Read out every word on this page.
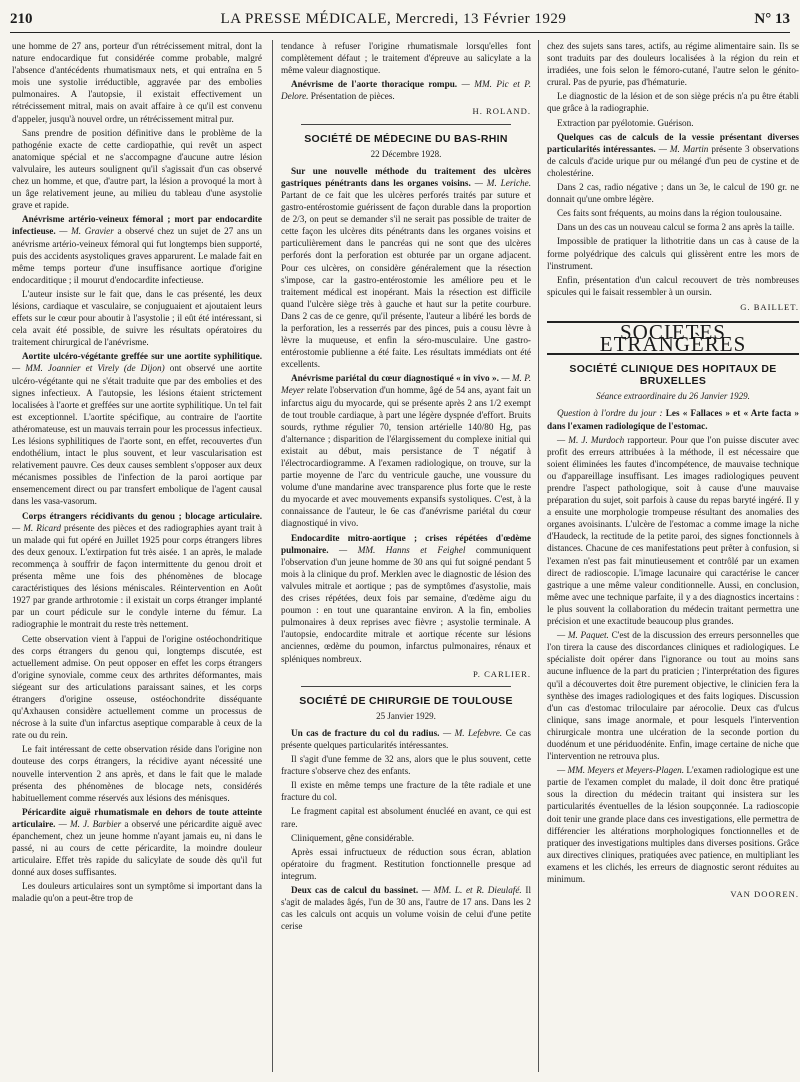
210	LA PRESSE MÉDICALE, Mercredi, 13 Février 1929	N° 13

une homme de 27 ans, porteur d'un rétrécissement mitral, dont la nature endocardique fut considérée comme probable, malgré l'absence d'antécédents rhumatismaux nets, et qui entraîna en 5 mois une systolie irréductible, aggravée par des embolies pulmonaires. A l'autopsie, il existait effectivement un rétrécissement mitral, mais on avait affaire à ce qu'il est convenu d'appeler, jusqu'à nouvel ordre, un rétrécissement mitral pur.

Sans prendre de position définitive dans le problème de la pathogénie exacte de cette cardiopathie, qui revêt un aspect anatomique spécial et ne s'accompagne d'aucune autre lésion valvulaire, les auteurs soulignent qu'il s'agissait d'un cas observé chez un homme, et que, d'autre part, la lésion a provoqué la mort à un âge relativement jeune, au milieu du tableau d'une asystolie grave et rapide.

Anévrisme artério-veineux fémoral ; mort par endocardite infectieuse. — M. Gravier a observé chez un sujet de 27 ans un anévrisme artério-veineux fémoral qui fut longtemps bien supporté, puis des accidents asystoliques graves apparurent. Le malade fait en même temps porteur d'une insuffisance aortique d'origine endocarditique ; il mourut d'endocardite infectieuse.

L'auteur insiste sur le fait que, dans le cas présenté, les deux lésions, cardiaque et vasculaire, se conjuguaient et ajoutaient leurs effets sur le cœur pour aboutir à l'asystolie ; il eût été intéressant, si cela avait été possible, de suivre les résultats opératoires du traitement chirurgical de l'anévrisme.

Aortite ulcéro-végétante greffée sur une aortite syphilitique. — MM. Joannier et Virely (de Dijon) ont observé une aortite ulcéro-végétante qui ne s'était traduite que par des embolies et des signes infectieux. A l'autopsie, les lésions étaient strictement localisées à l'aorte et greffées sur une aortite syphilitique. Un tel fait est exceptionnel. L'aortite spécifique, au contraire de l'aortite athéromateuse, est un mauvais terrain pour les processus infectieux. Les lésions syphilitiques de l'aorte sont, en effet, recouvertes d'un endothélium, intact le plus souvent, et leur vascularisation est relativement pauvre. Ces deux causes semblent s'opposer aux deux mécanismes possibles de l'infection de la paroi aortique par ensemencement direct ou par transfert embolique de l'agent causal dans les vasa-vasorum.

Corps étrangers récidivants du genou ; blocage articulaire. — M. Ricard présente des pièces et des radiographies ayant trait à un malade qui fut opéré en Juillet 1925 pour corps étrangers libres des deux genoux. L'extirpation fut très aisée. 1 an après, le malade recommença à souffrir de façon intermittente du genou droit et présenta même une fois des phénomènes de blocage caractéristiques des lésions méniscales. Réintervention en Août 1927 par grande arthrotomie : il existait un corps étranger implanté par un court pédicule sur le condyle interne du fémur. La radiographie le montrait du reste très nettement.

Cette observation vient à l'appui de l'origine ostéochondritique des corps étrangers du genou qui, longtemps discutée, est actuellement admise. On peut opposer en effet les corps étrangers d'origine synoviale, comme ceux des arthrites déformantes, mais siégeant sur des articulations paraissant saines, et les corps étrangers d'origine osseuse, ostéochondrite disséquante qu'Axhausen considère actuellement comme un processus de nécrose à la suite d'un infarctus aseptique comparable à ceux de la rate ou du rein.

Le fait intéressant de cette observation réside dans l'origine non douteuse des corps étrangers, la récidive ayant nécessité une nouvelle intervention 2 ans après, et dans le fait que le malade présenta des phénomènes de blocage nets, considérés habituellement comme réservés aux lésions des ménisques.

Péricardite aiguë rhumatismale en dehors de toute atteinte articulaire. — M. J. Barbier a observé une péricardite aiguë avec épanchement, chez un jeune homme n'ayant jamais eu, ni dans le passé, ni au cours de cette péricardite, la moindre douleur articulaire. Effet très rapide du salicylate de soude dès qu'il fut donné aux doses suffisantes.

Les douleurs articulaires sont un symptôme si important dans la maladie qu'on a peut-être trop de

tendance à refuser l'origine rhumatismale lorsqu'elles font complètement défaut ; le traitement d'épreuve au salicylate a la même valeur diagnostique.

Anévrisme de l'aorte thoracique rompu. — MM. Pic et P. Delore. Présentation de pièces.

H. ROLAND.
SOCIÉTÉ DE MÉDECINE DU BAS-RHIN
22 Décembre 1928.

Sur une nouvelle méthode du traitement des ulcères gastriques pénétrants dans les organes voisins. — M. Leriche. Partant de ce fait que les ulcères perforés traités par suture et gastro-entérostomie guérissent de façon durable dans la proportion de 2/3, on peut se demander s'il ne serait pas possible de traiter de cette façon les ulcères dits pénétrants dans les organes voisins et particulièrement dans le pancréas qui ne sont que des ulcères perforés dont la perforation est obturée par un organe adjacent. Pour ces ulcères, on considère généralement que la résection s'impose, car la gastro-entérostomie les améliore peu et le traitement médical est inopérant. Mais la résection est difficile quand l'ulcère siège très à gauche et haut sur la petite courbure. Dans 2 cas de ce genre, qu'il présente, l'auteur a libéré les bords de la perforation, les a resserrés par des pinces, puis a cousu lèvre à lèvre la muqueuse, et enfin la séro-musculaire. Une gastro-entérostomie publienne a été faite. Les résultats immédiats ont été excellents.

Anévrisme pariétal du cœur diagnostiqué « in vivo ». — M. P. Meyer relate l'observation d'un homme, âgé de 54 ans, ayant fait un infarctus aigu du myocarde, qui se présente après 2 ans 1/2 exempt de tout trouble cardiaque, à part une légère dyspnée d'effort. Bruits sourds, rythme régulier 70, tension artérielle 140/80 Hg, pas d'alternance ; disparition de l'élargissement du complexe initial qui existait au début, mais persistance de T négatif à l'électrocardiogramme. A l'examen radiologique, on trouve, sur la partie moyenne de l'arc du ventricule gauche, une voussure du volume d'une mandarine avec transparence plus forte que le reste du myocarde et avec mouvements expansifs systoliques. C'est, à la connaissance de l'auteur, le 6e cas d'anévrisme pariétal du cœur diagnostiqué in vivo.

Endocardite mitro-aortique ; crises répétées d'œdème pulmonaire. — MM. Hanns et Feighel communiquent l'observation d'un jeune homme de 30 ans qui fut soigné pendant 5 mois à la clinique du prof. Merklen avec le diagnostic de lésion des valvules mitrale et aortique ; pas de symptômes d'asystolie, mais des crises répétées, deux fois par semaine, d'œdème aigu du poumon : en tout une quarantaine environ. A la fin, embolies pulmonaires à deux reprises avec fièvre ; asystolie terminale. A l'autopsie, endocardite mitrale et aortique récente sur lésions anciennes, œdème du poumon, infarctus pulmonaires, rénaux et spléniques nombreux.

P. CARLIER.
SOCIÉTÉ DE CHIRURGIE DE TOULOUSE
25 Janvier 1929.

Un cas de fracture du col du radius. — M. Lefebvre. Ce cas présente quelques particularités intéressantes.

Il s'agit d'une femme de 32 ans, alors que le plus souvent, cette fracture s'observe chez des enfants.

Il existe en même temps une fracture de la tête radiale et une fracture du col.

Le fragment capital est absolument énucléé en avant, ce qui est rare.

Cliniquement, gêne considérable.

Après essai infructueux de réduction sous écran, ablation opératoire du fragment. Restitution fonctionnelle presque ad integrum.

Deux cas de calcul du bassinet. — MM. L. et R. Dieulafé. Il s'agit de malades âgés, l'un de 30 ans, l'autre de 17 ans. Dans les 2 cas les calculs ont acquis un volume voisin de celui d'une petite cerise

chez des sujets sans tares, actifs, au régime alimentaire sain. Ils se sont traduits par des douleurs localisées à la région du rein et irradiées, une fois selon le fémoro-cutané, l'autre selon le génito-crural. Pas de pyurie, pas d'hématurie.

Le diagnostic de la lésion et de son siège précis n'a pu être établi que grâce à la radiographie.

Extraction par pyélotomie. Guérison.

Quelques cas de calculs de la vessie présentant diverses particularités intéressantes. — M. Martin présente 3 observations de calculs d'acide urique pur ou mélangé d'un peu de cystine et de cholestérine.

Dans 2 cas, radio négative ; dans un 3e, le calcul de 190 gr. ne donnait qu'une ombre légère.

Ces faits sont fréquents, au moins dans la région toulousaine.

Dans un des cas un nouveau calcul se forma 2 ans après la taille.

Impossible de pratiquer la lithotritie dans un cas à cause de la forme polyédrique des calculs qui glissèrent entre les mors de l'instrument.

Enfin, présentation d'un calcul recouvert de très nombreuses spicules qui le faisait ressembler à un oursin.

G. BAILLET.
SOCIETES ETRANGÈRES
SOCIÉTÉ CLINIQUE DES HOPITAUX DE BRUXELLES
Séance extraordinaire du 26 Janvier 1929.

Question à l'ordre du jour : Les « Fallaces » et « Arte facta » dans l'examen radiologique de l'estomac.

— M. J. Murdoch rapporteur. Pour que l'on puisse discuter avec profit des erreurs attribuées à la méthode, il est nécessaire que soient éliminées les fautes d'incompétence, de mauvaise technique ou d'appareillage insuffisant. Les images radiologiques peuvent prendre l'aspect pathologique, soit à cause d'une mauvaise préparation du sujet, soit parfois à cause du repas baryté ingéré. Il y a ensuite une morphologie trompeuse résultant des anomalies des organes avoisinants. L'ulcère de l'estomac a comme image la niche d'Haudeck, la rectitude de la petite paroi, des signes fonctionnels à distances. Chacune de ces manifestations peut prêter à confusion, si l'examen n'est pas fait minutieusement et contrôlé par un examen direct de radioscopie. L'image lacunaire qui caractérise le cancer gastrique a une même valeur conditionnelle. Aussi, en conclusion, même avec une technique parfaite, il y a des diagnostics incertains : le plus souvent la collaboration du médecin traitant permettra une précision et une exactitude beaucoup plus grandes.

— M. Paquet. C'est de la discussion des erreurs personnelles que l'on tirera la cause des discordances cliniques et radiologiques. Le spécialiste doit opérer dans l'ignorance ou tout au moins sans aucune influence de la part du praticien ; l'interprétation des figures qu'il a découvertes doit être purement objective, le clinicien fera la synthèse des images radiologiques et des faits logiques. Discussion d'un cas d'estomac triloculaire par aérocolie. Deux cas d'ulcus clinique, sans image anormale, et pour lesquels l'intervention chirurgicale montra une ulcération de la seconde portion du duodénum et une périduodénite. Enfin, image certaine de niche que l'intervention ne retrouva plus.

— MM. Meyers et Meyers-Plagen. L'examen radiologique est une partie de l'examen complet du malade, il doit donc être pratiqué sous la direction du médecin traitant qui insistera sur les particularités éventuelles de la lésion soupçonnée. La radioscopie doit tenir une grande place dans ces investigations, elle permettra de différencier les altérations morphologiques fonctionnelles et de pratiquer des investigations multiples dans diverses positions. Grâce aux directives cliniques, pratiquées avec patience, en multipliant les examens et les clichés, les erreurs de diagnostic seront réduites au minimum.

VAN DOOREN.
